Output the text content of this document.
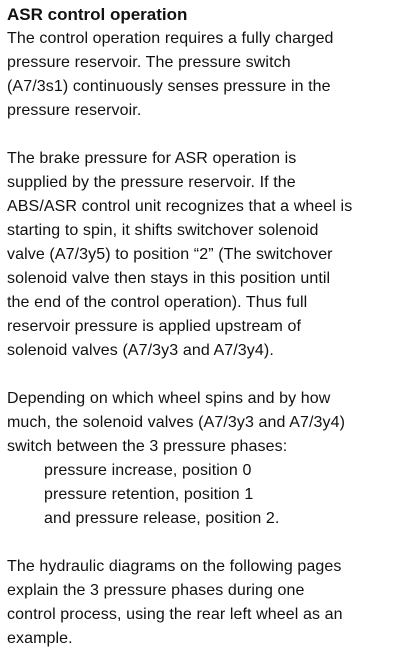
ASR control operation

The control operation requires a fully charged
pressure reservoir. The pressure switch
(A7/3s1) continuously senses pressure in the
pressure reservoir.

The brake pressure for ASR operation is
supplied by the pressure reservoir. If the
ABS/ASR control unit recognizes that a wheel is
starting to spin, it shifts switchover solenoid
valve (A7/3y5) to position “2” (The switchover
solenoid valve then stays in this position until
the end of the control operation). Thus full
reservoir pressure is applied upstream of
solenoid valves (A7/3y3 and A7/3y4).

Depending on which wheel spins and by how
much, the solenoid valves (A7/3y3 and A7/3y4)
switch between the 3 pressure phases:
pressure increase, position 0
pressure retention, position 1
and pressure release, position 2.

The hydraulic diagrams on the following pages
explain the 3 pressure phases during one
control process, using the rear left wheel as an
example.
